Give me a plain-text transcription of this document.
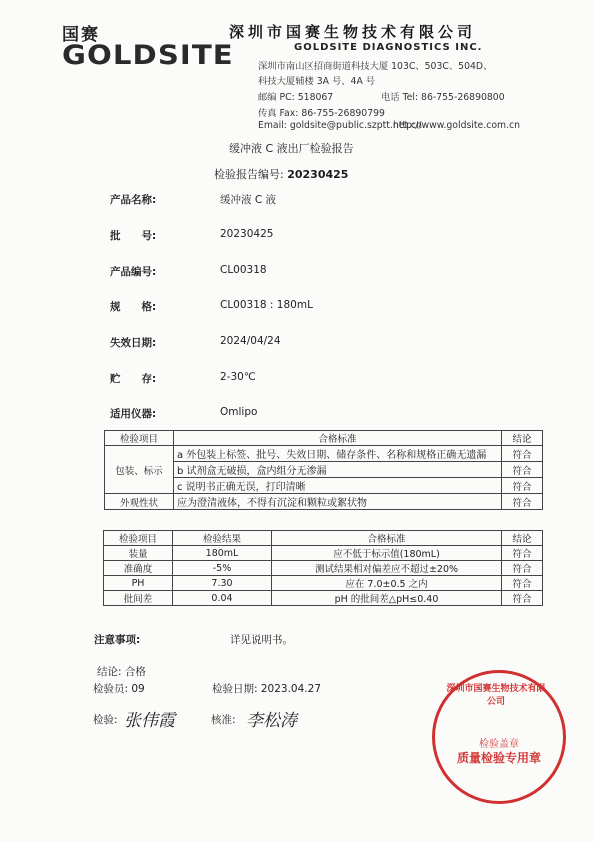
国赛
GOLDSITE
深圳市国赛生物技术有限公司
GOLDSITE DIAGNOSTICS INC.
深圳市南山区招商街道科技大厦 103C、503C、504D、
科技大厦辅楼 3A 号、4A 号
邮编 PC: 518067	电话 Tel: 86-755-26890800
传真 Fax: 86-755-26890799
Email: goldsite@public.szptt.net.cn
http://www.goldsite.com.cn
缓冲液 C 液出厂检验报告
检验报告编号: 20230425
产品名称:	缓冲液 C 液
批　　号:	20230425
产品编号:	CL00318
规　　格:	CL00318 : 180mL
失效日期:	2024/04/24
贮　　存:	2-30℃
适用仪器:	Omlipo
检验项目	合格标准	结论
包装、标示	a 外包装上标签、批号、失效日期、储存条件、名称和规格正确无遗漏	符合
	b 试剂盒无破损，盒内组分无渗漏	符合
	c 说明书正确无误，打印清晰	符合
外观性状	应为澄清液体，不得有沉淀和颗粒或絮状物	符合
检验项目	检验结果	合格标准	结论
装量	180mL	应不低于标示值(180mL)	符合
准确度	-5%	测试结果相对偏差应不超过±20%	符合
PH	7.30	应在 7.0±0.5 之内	符合
批间差	0.04	pH 的批间差△pH≤0.40	符合
注意事项:	详见说明书。
结论: 合格
检验员: 09	检验日期: 2023.04.27
检验: 张伟霞	核准: 李松涛
深圳市国赛生物技术有限公司
检验盖章
质量检验专用章
